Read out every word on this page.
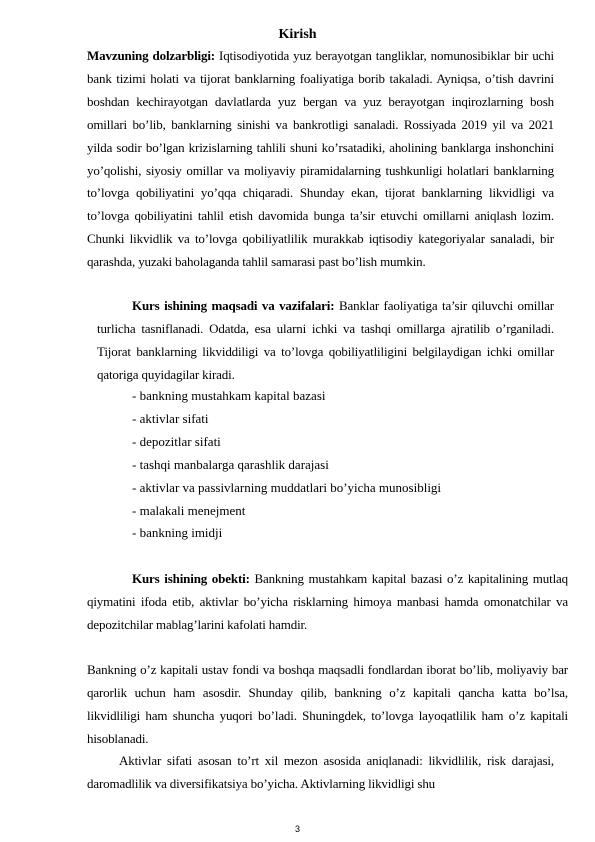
Kirish

Mavzuning dolzarbligi: Iqtisodiyotida yuz berayotgan tangliklar, nomunosibiklar bir uchi bank tizimi holati va tijorat banklarning foaliyatiga borib takaladi. Ayniqsa, o’tish davrini boshdan kechirayotgan davlatlarda yuz bergan va yuz berayotgan inqirozlarning bosh omillari bo’lib, banklarning sinishi va bankrotligi sanaladi. Rossiyada 2019 yil va 2021 yilda sodir bo’lgan krizislarning tahlili shuni ko’rsatadiki, aholining banklarga inshonchini yo’qolishi, siyosiy omillar va moliyaviy piramidalarning tushkunligi holatlari banklarning to’lovga qobiliyatini yo’qqa chiqaradi. Shunday ekan, tijorat banklarning likvidligi va to’lovga qobiliyatini tahlil etish davomida bunga ta’sir etuvchi omillarni aniqlash lozim. Chunki likvidlik va to’lovga qobiliyatlilik murakkab iqtisodiy kategoriyalar sanaladi, bir qarashda, yuzaki baholaganda tahlil samarasi past bo’lish mumkin.

Kurs ishining maqsadi va vazifalari: Banklar faoliyatiga ta’sir qiluvchi omillar turlicha tasniflanadi. Odatda, esa ularni ichki va tashqi omillarga ajratilib o’rganiladi. Tijorat banklarning likviddiligi va to’lovga qobiliyatliligini belgilaydigan ichki omillar qatoriga quyidagilar kiradi.

- bankning mustahkam kapital bazasi
- aktivlar sifati
- depozitlar sifati
- tashqi manbalarga qarashlik darajasi
- aktivlar va passivlarning muddatlari bo’yicha munosibligi
- malakali menejment
- bankning imidji

Kurs ishining obekti: Bankning mustahkam kapital bazasi o’z kapitalining mutlaq qiymatini ifoda etib, aktivlar bo’yicha risklarning himoya manbasi hamda omonatchilar va depozitchilar mablag’larini kafolati hamdir.

Bankning o’z kapitali ustav fondi va boshqa maqsadli fondlardan iborat bo’lib, moliyaviy bar qarorlik uchun ham asosdir. Shunday qilib, bankning o’z kapitali qancha katta bo’lsa, likvidliligi ham shuncha yuqori bo’ladi. Shuningdek, to’lovga layoqatlilik ham o’z kapitali hisoblanadi.

Aktivlar sifati asosan to’rt xil mezon asosida aniqlanadi: likvidlilik, risk darajasi, daromadlilik va diversifikatsiya bo’yicha. Aktivlarning likvidligi shu

3
